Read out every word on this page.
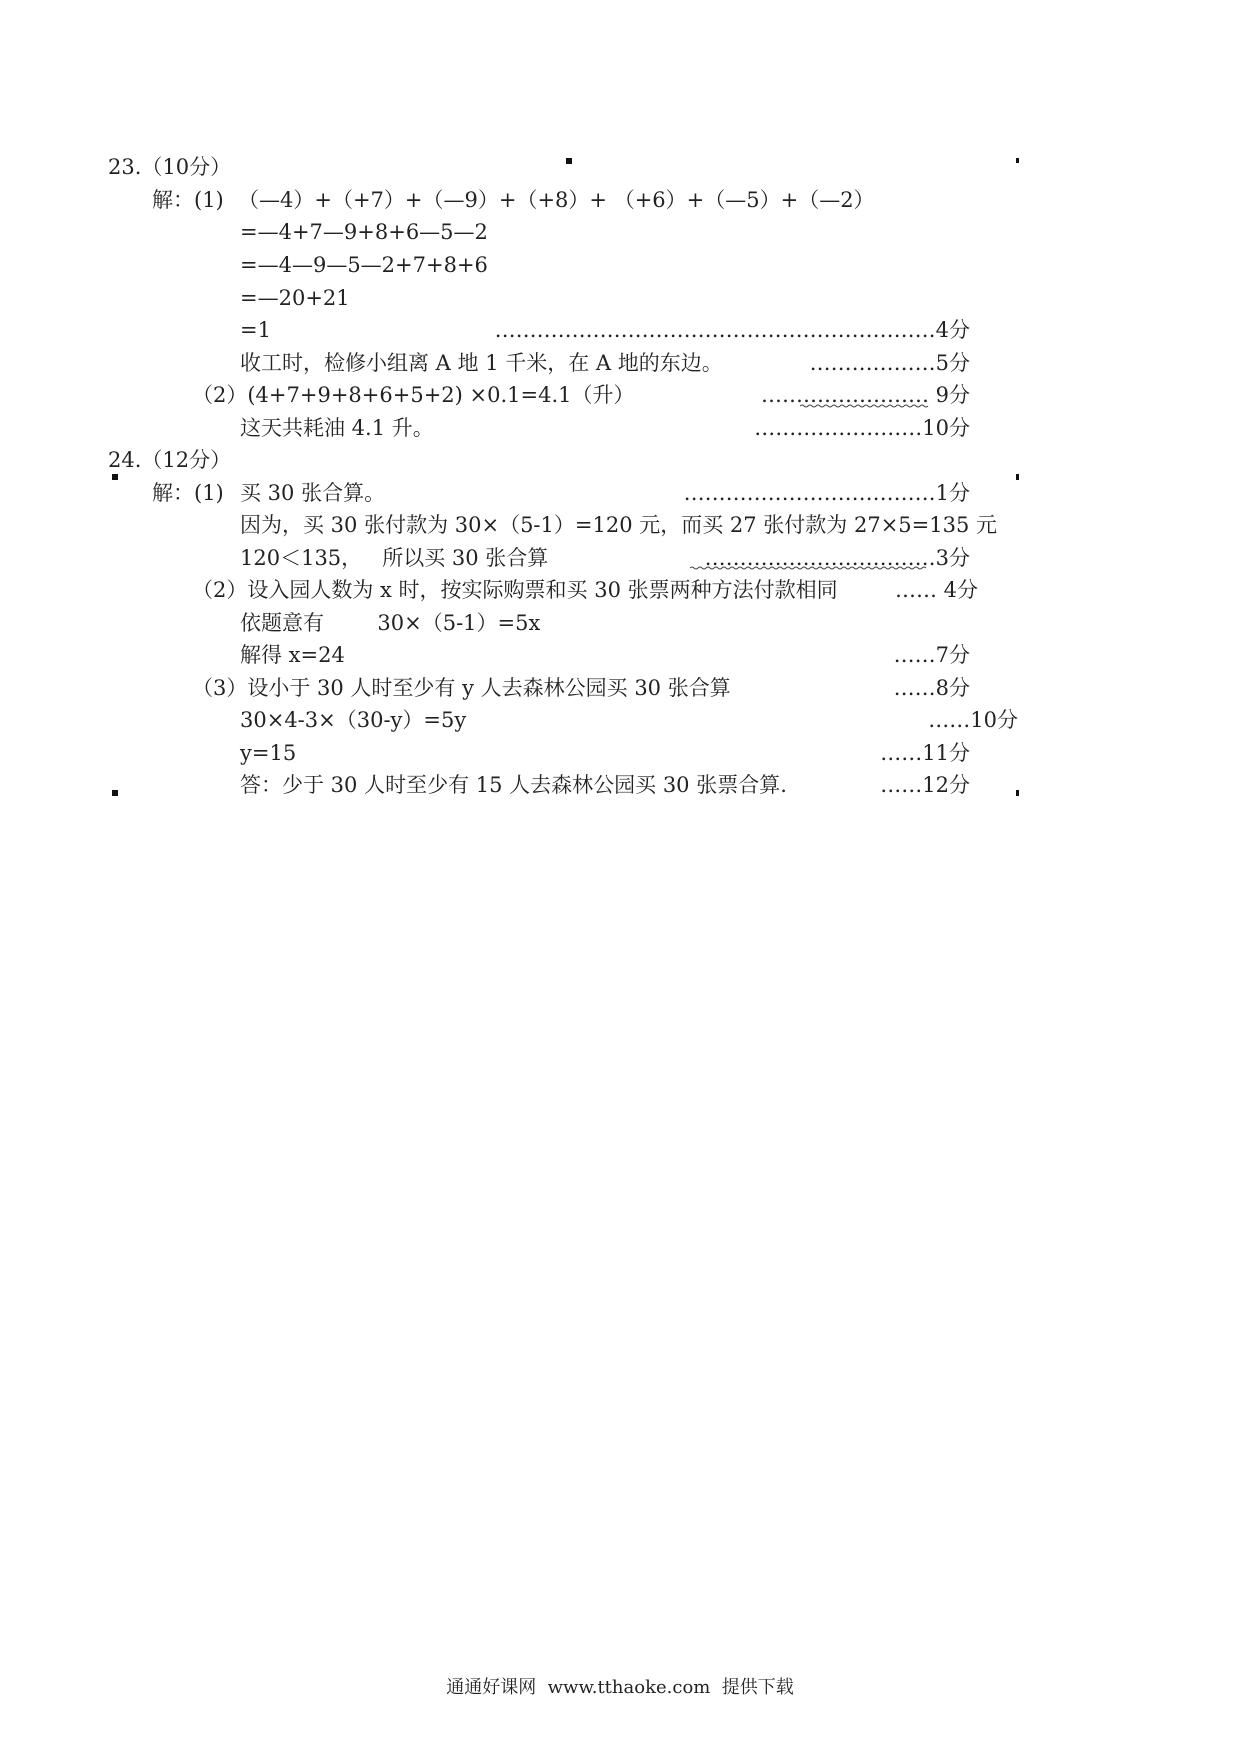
23.（10分）
解：(1) （—4）+（+7）+（—9）+（+8）+ （+6）+（—5）+（—2）
=—4+7—9+8+6—5—2
=—4—9—5—2+7+8+6
=—20+21
=1	………………………………………………………4分
收工时，检修小组离 A 地 1 千米，在 A 地的东边。	………………5分
（2）(4+7+9+8+6+5+2) ×0.1=4.1（升）	…………………… 9分
这天共耗油 4.1 升。	……………………10分
24.（12分）
解：(1) 买 30 张合算。	………………………………1分
因为，买 30 张付款为 30×（5-1）=120 元，而买 27 张付款为 27×5=135 元
120＜135，   所以买 30 张合算	……………………………3分
（2）设入园人数为 x 时，按实际购票和买 30 张票两种方法付款相同	…… 4分
依题意有        30×（5-1）=5x
解得 x=24	……7分
（3）设小于 30 人时至少有 y 人去森林公园买 30 张合算	……8分
30×4-3×（30-y）=5y	……10分
y=15	……11分
答：少于 30 人时至少有 15 人去森林公园买 30 张票合算.	……12分
通通好课网  www.tthaoke.com  提供下载
